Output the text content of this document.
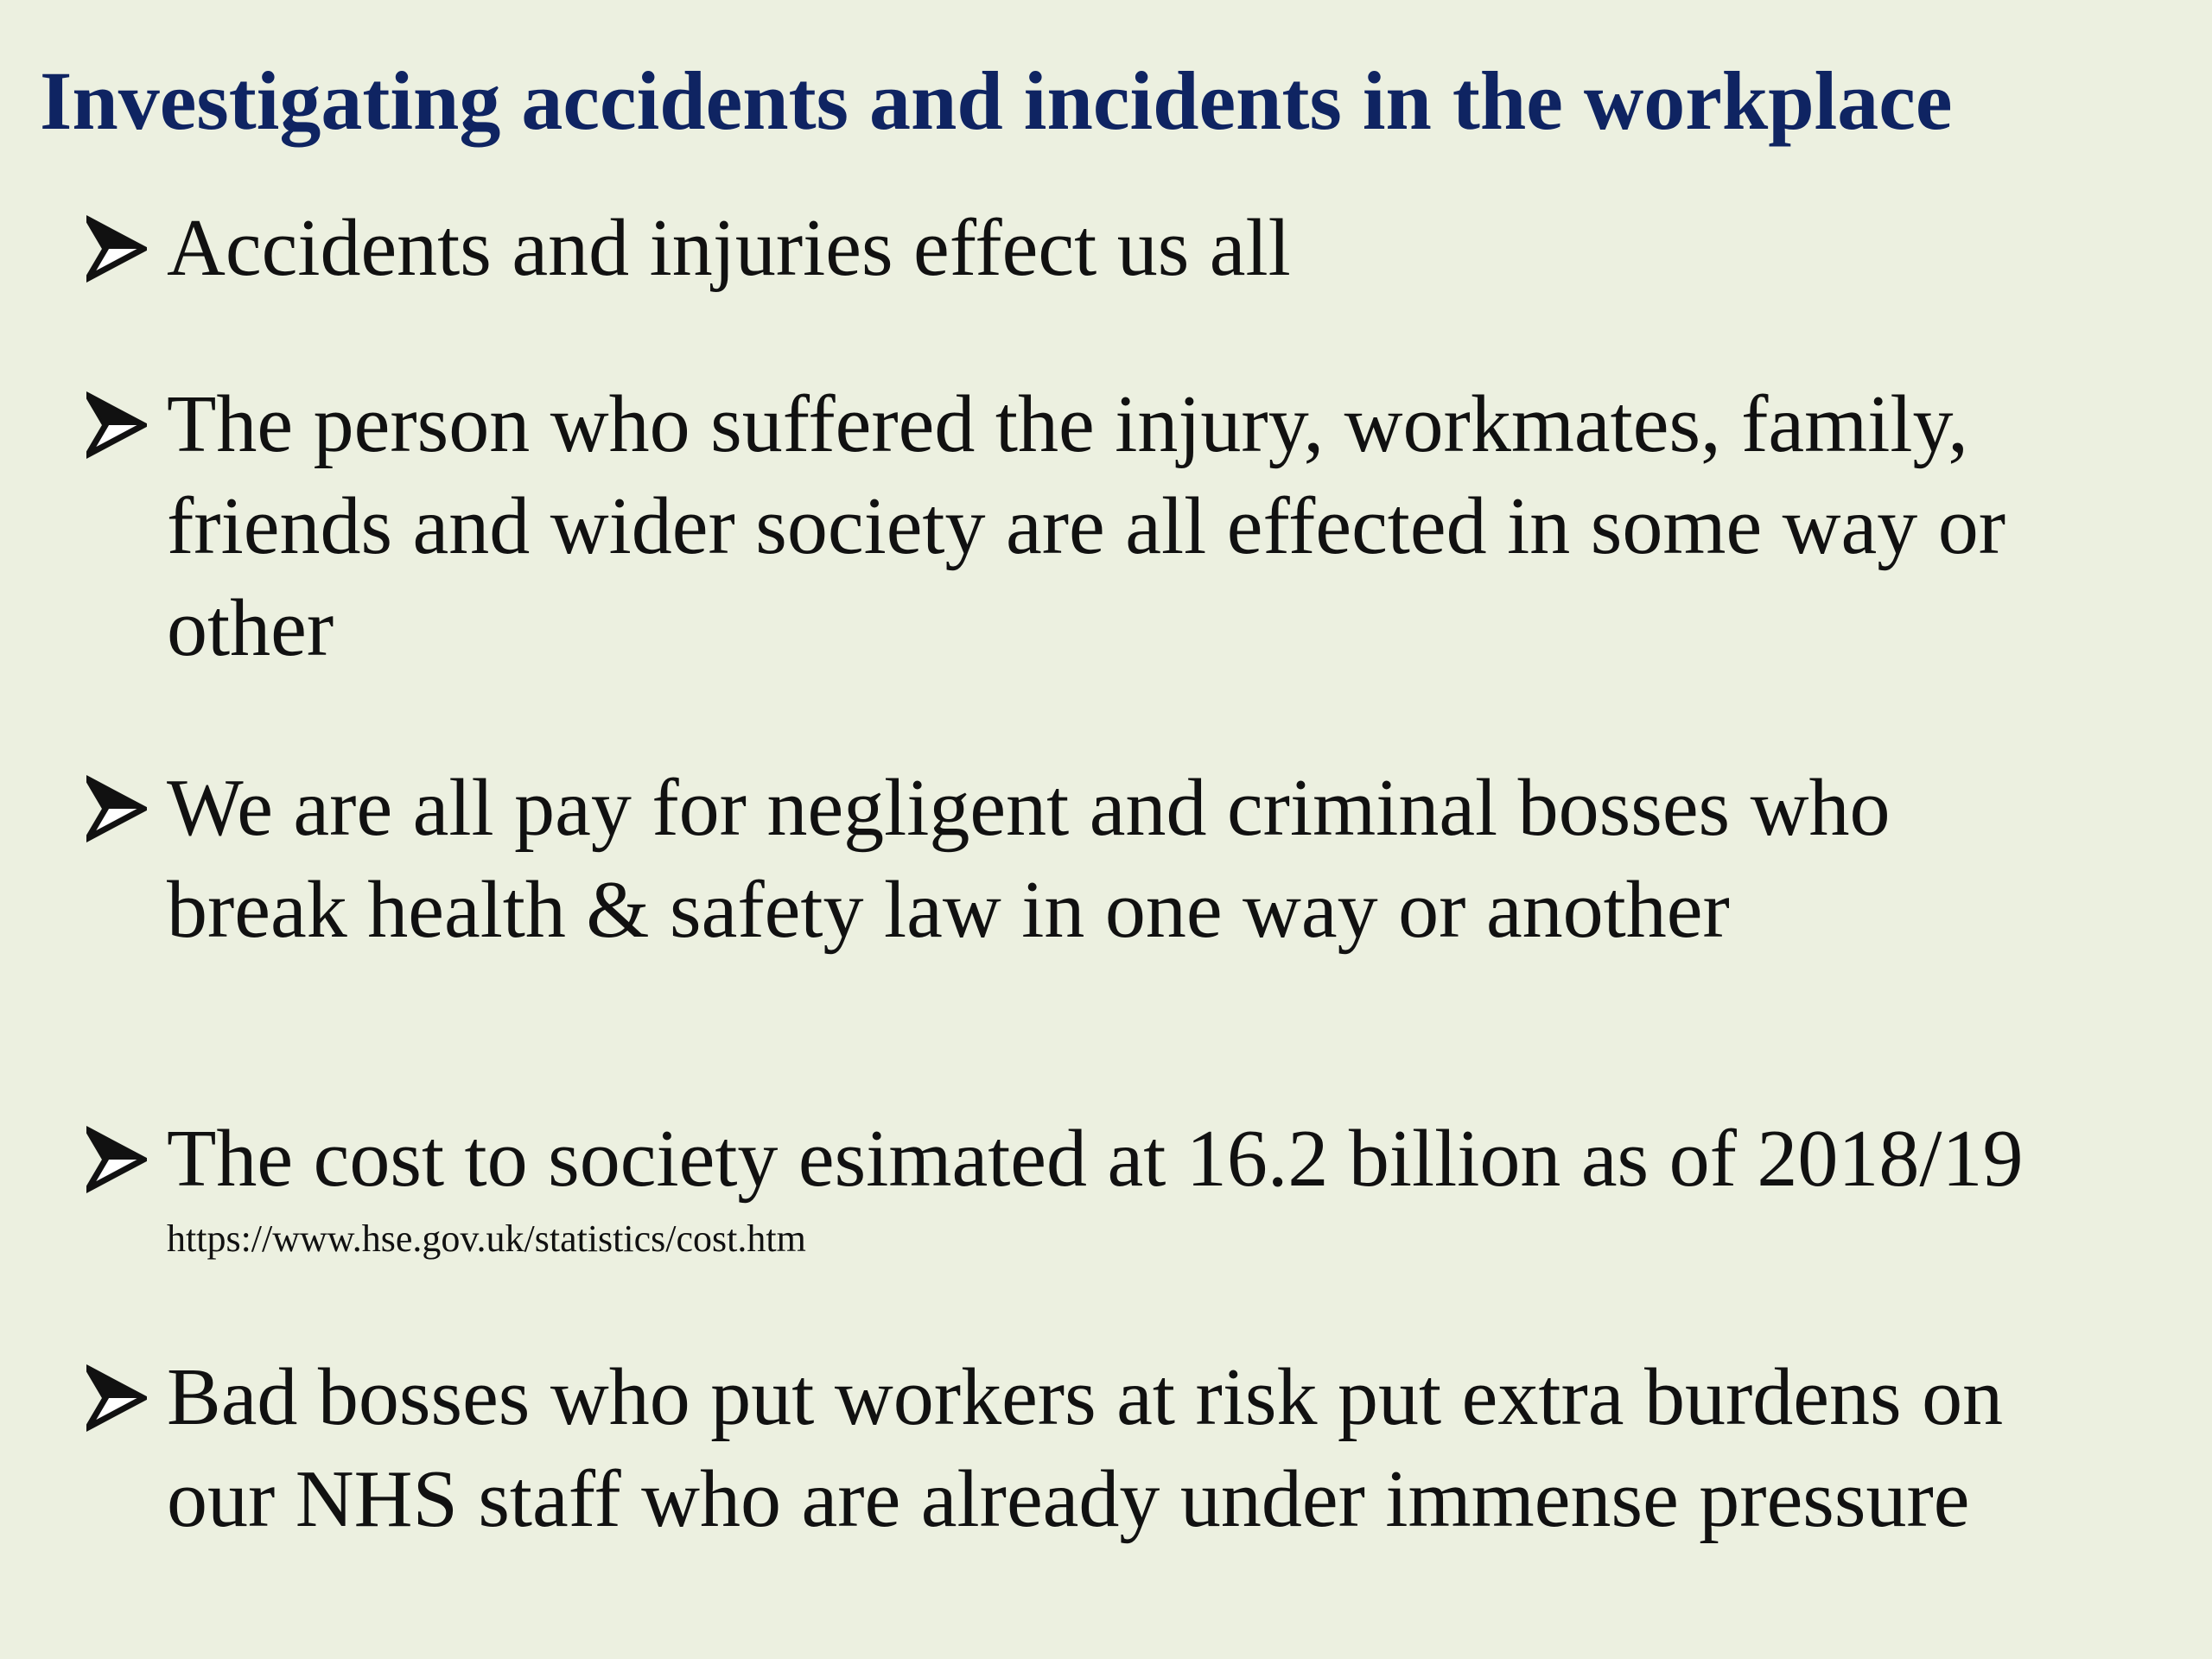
Investigating accidents and incidents in the workplace
Accidents and injuries effect us all
The person who suffered the injury, workmates, family,
friends and wider society are all effected in some way or
other
We are all pay for negligent and criminal bosses who
break health & safety law in one way or another
The cost to society esimated at 16.2 billion as of 2018/19
https://www.hse.gov.uk/statistics/cost.htm
Bad bosses who put workers at risk put extra burdens on
our NHS staff who are already under immense pressure
